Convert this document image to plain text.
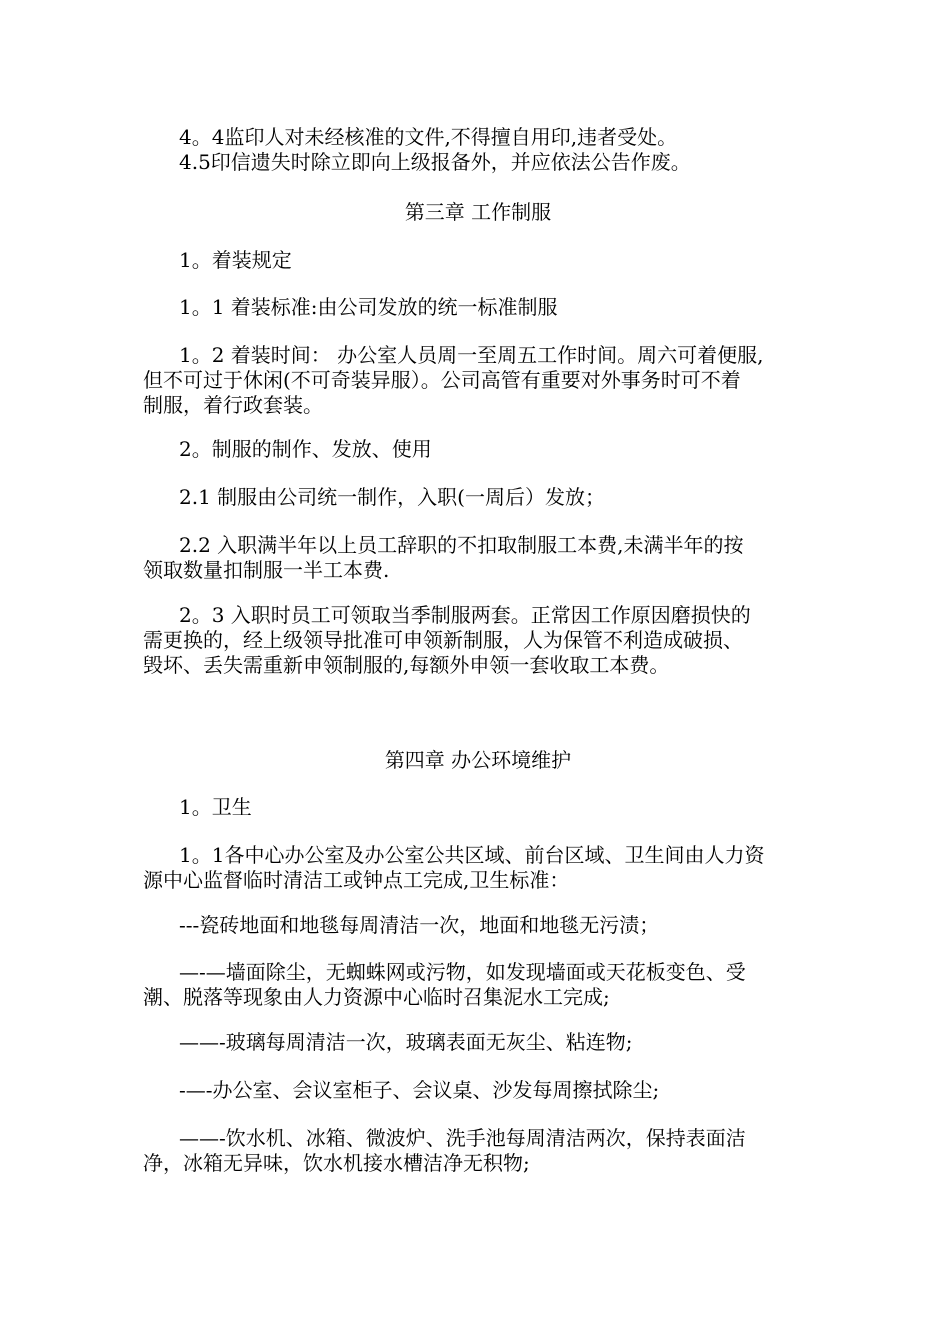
4。4监印人对未经核准的文件,不得擅自用印,违者受处。
4.5印信遗失时除立即向上级报备外，并应依法公告作废。
第三章 工作制服
1。着装规定
1。1 着装标准:由公司发放的统一标准制服
1。2 着装时间： 办公室人员周一至周五工作时间。周六可着便服,
但不可过于休闲(不可奇装异服）。公司高管有重要对外事务时可不着
制服，着行政套装。
2。制服的制作、发放、使用
2.1 制服由公司统一制作，入职(一周后）发放；
2.2 入职满半年以上员工辞职的不扣取制服工本费,未满半年的按
领取数量扣制服一半工本费.
2。3 入职时员工可领取当季制服两套。正常因工作原因磨损快的
需更换的，经上级领导批准可申领新制服，人为保管不利造成破损、
毁坏、丢失需重新申领制服的,每额外申领一套收取工本费。
第四章 办公环境维护
1。卫生
1。1各中心办公室及办公室公共区域、前台区域、卫生间由人力资
源中心监督临时清洁工或钟点工完成,卫生标准：
---瓷砖地面和地毯每周清洁一次，地面和地毯无污渍；
—-—墙面除尘，无蜘蛛网或污物，如发现墙面或天花板变色、受
潮、脱落等现象由人力资源中心临时召集泥水工完成;
——-玻璃每周清洁一次，玻璃表面无灰尘、粘连物;
-—-办公室、会议室柜子、会议桌、沙发每周擦拭除尘;
——-饮水机、冰箱、微波炉、洗手池每周清洁两次，保持表面洁
净，冰箱无异味，饮水机接水槽洁净无积物;
